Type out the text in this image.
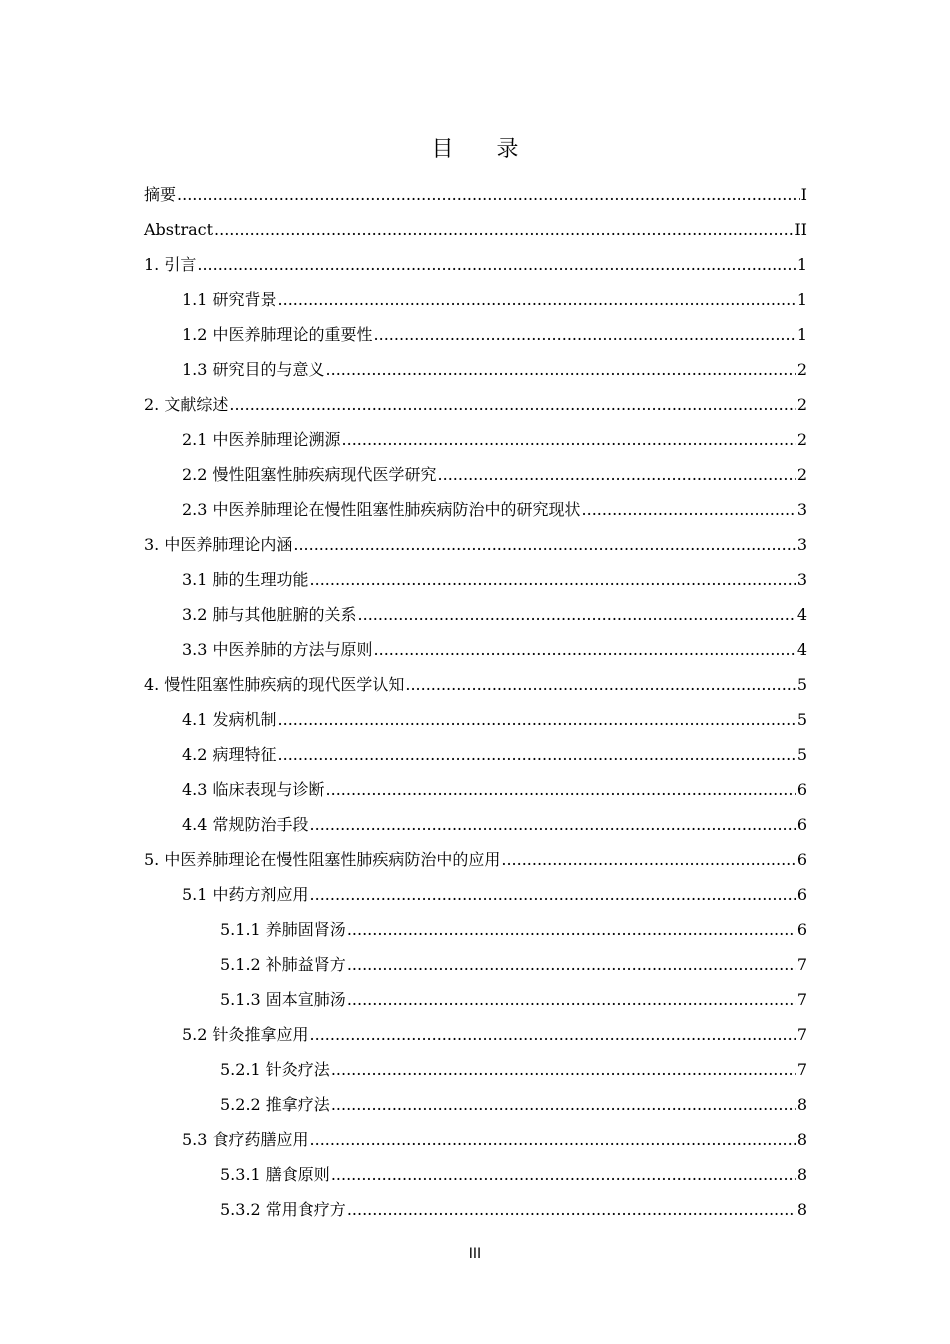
目 录
摘要 .....	I
Abstract .....	II
1. 引言 .....	1
1.1 研究背景 .....	1
1.2 中医养肺理论的重要性 .....	1
1.3 研究目的与意义 .....	2
2. 文献综述 .....	2
2.1 中医养肺理论溯源 .....	2
2.2 慢性阻塞性肺疾病现代医学研究 .....	2
2.3 中医养肺理论在慢性阻塞性肺疾病防治中的研究现状 .....	3
3. 中医养肺理论内涵 .....	3
3.1 肺的生理功能 .....	3
3.2 肺与其他脏腑的关系 .....	4
3.3 中医养肺的方法与原则 .....	4
4. 慢性阻塞性肺疾病的现代医学认知 .....	5
4.1 发病机制 .....	5
4.2 病理特征 .....	5
4.3 临床表现与诊断 .....	6
4.4 常规防治手段 .....	6
5. 中医养肺理论在慢性阻塞性肺疾病防治中的应用 .....	6
5.1 中药方剂应用 .....	6
5.1.1 养肺固肾汤 .....	6
5.1.2 补肺益肾方 .....	7
5.1.3 固本宣肺汤 .....	7
5.2 针灸推拿应用 .....	7
5.2.1 针灸疗法 .....	7
5.2.2 推拿疗法 .....	8
5.3 食疗药膳应用 .....	8
5.3.1 膳食原则 .....	8
5.3.2 常用食疗方 .....	8
III
